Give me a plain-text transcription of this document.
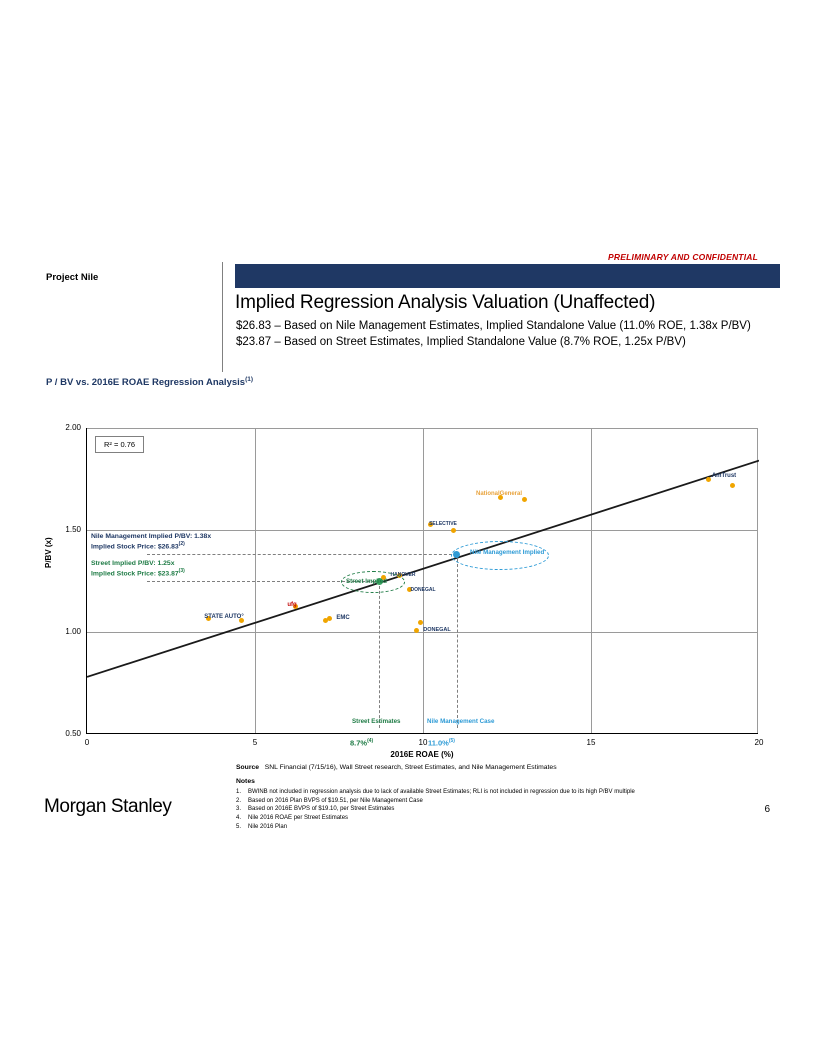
PRELIMINARY AND CONFIDENTIAL
Project Nile
Implied Regression Analysis Valuation (Unaffected)
$26.83 – Based on Nile Management Estimates, Implied Standalone Value (11.0% ROE, 1.38x P/BV)
$23.87 – Based on Street Estimates, Implied Standalone Value (8.7% ROE, 1.25x P/BV)
P / BV vs. 2016E ROAE Regression Analysis$^{(1)}$
P/BV (x)
2016E ROAE (%)
2.00
1.50
1.00
0.50
0	5	10	15	20
R² = 0.76
STATE AUTO°
ufg
EMC
HANOVER
DONEGAL
DONEGAL
SELECTIVE
NationalGeneral
AmTrust
Nile Management Implied
Street Implied
Nile Management Implied P/BV: 1.38x
Implied Stock Price: $26.83$^{(2)}$
Street Implied P/BV: 1.25x
Implied Stock Price: $23.87$^{(3)}$
Street Estimates	Nile Management Case
8.7%$^{(4)}$	11.0%$^{(5)}$
Source SNL Financial (7/15/16), Wall Street research, Street Estimates, and Nile Management Estimates
Notes
1. BWINB not included in regression analysis due to lack of available Street Estimates; RLI is not included in regression due to its high P/BV multiple
2. Based on 2016 Plan BVPS of $19.51, per Nile Management Case
3. Based on 2016E BVPS of $19.10, per Street Estimates
4. Nile 2016 ROAE per Street Estimates
5. Nile 2016 Plan
Morgan Stanley	6
